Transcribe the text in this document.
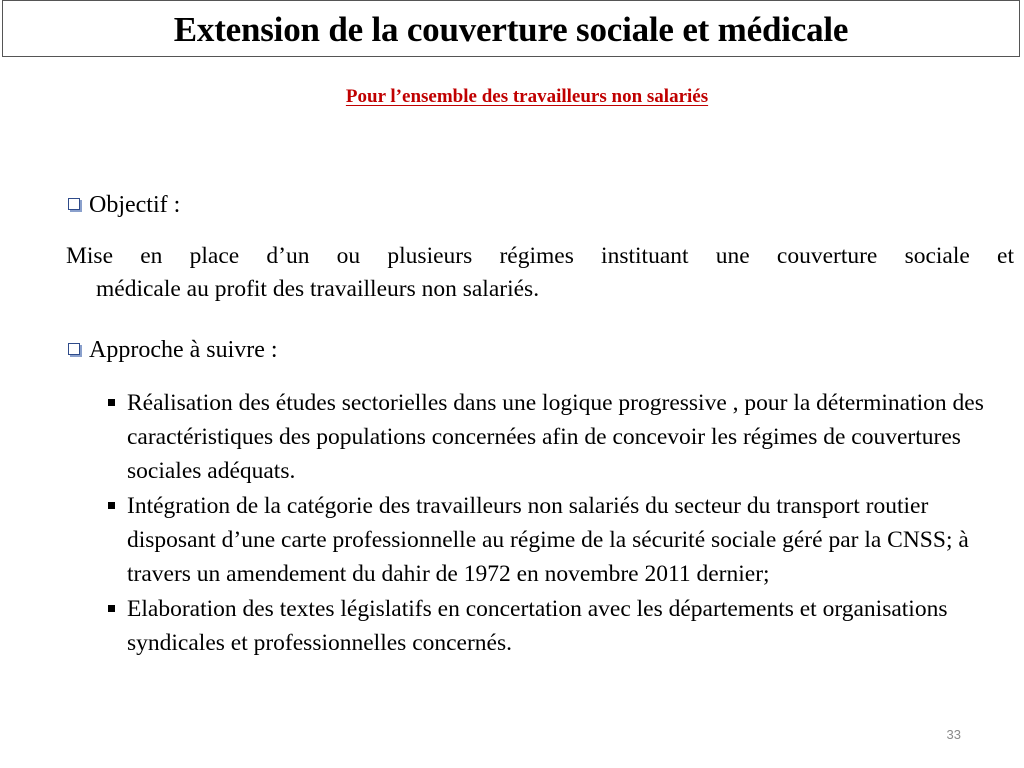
Extension de la couverture sociale et médicale
Pour l’ensemble des travailleurs non salariés
Objectif :
Mise en place d’un ou plusieurs régimes instituant une couverture sociale et
médicale au profit des travailleurs non salariés.
Approche à suivre :
Réalisation des études sectorielles dans une logique progressive , pour la détermination des caractéristiques des populations concernées afin de concevoir les régimes de couvertures sociales adéquats.
Intégration de la catégorie des travailleurs non salariés du secteur du transport routier disposant d’une carte professionnelle au régime de la sécurité sociale géré par la CNSS; à travers un amendement du dahir de 1972 en novembre 2011 dernier;
Elaboration des textes législatifs en concertation avec les départements et organisations syndicales et professionnelles concernés.
33
